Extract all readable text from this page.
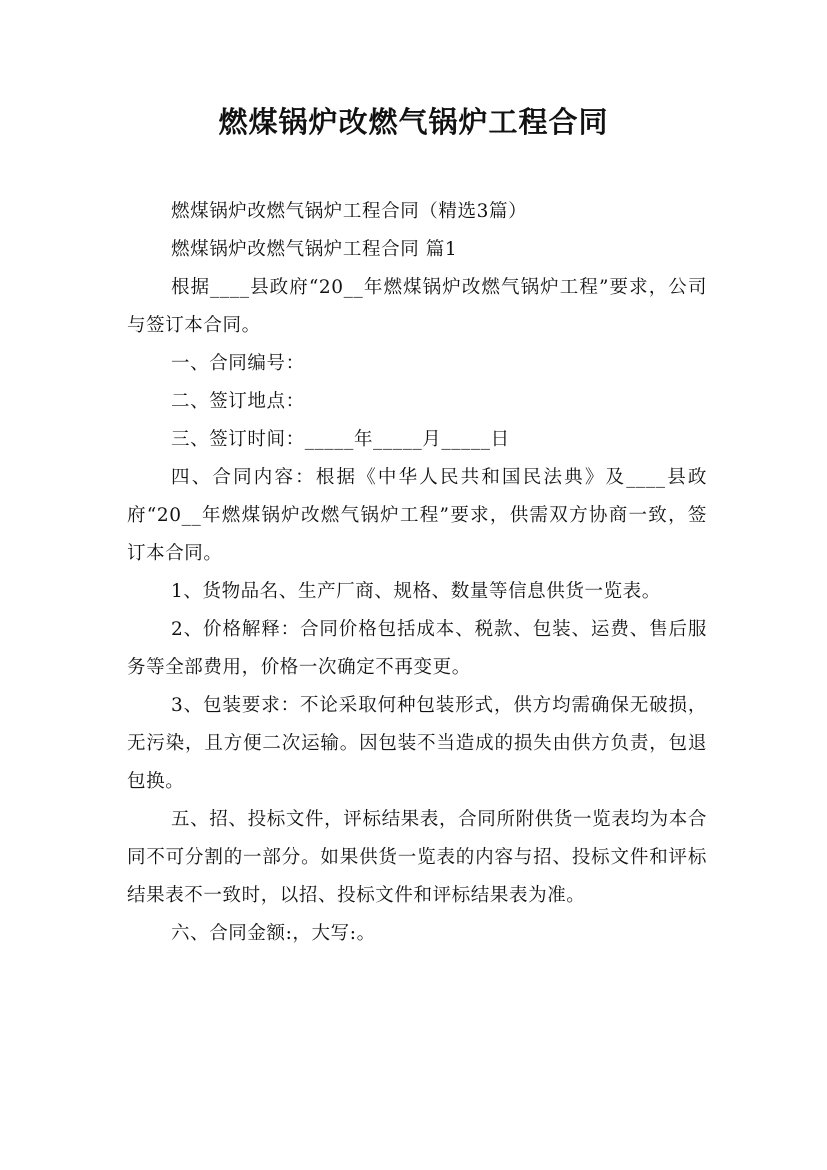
燃煤锅炉改燃气锅炉工程合同

燃煤锅炉改燃气锅炉工程合同（精选3篇）

燃煤锅炉改燃气锅炉工程合同 篇1

根据____县政府“20__年燃煤锅炉改燃气锅炉工程”要求，公司与签订本合同。

一、合同编号：

二、签订地点：

三、签订时间：_____年_____月_____日

四、合同内容：根据《中华人民共和国民法典》及____县政府“20__年燃煤锅炉改燃气锅炉工程”要求，供需双方协商一致，签订本合同。

1、货物品名、生产厂商、规格、数量等信息供货一览表。

2、价格解释：合同价格包括成本、税款、包装、运费、售后服务等全部费用，价格一次确定不再变更。

3、包装要求：不论采取何种包装形式，供方均需确保无破损，无污染，且方便二次运输。因包装不当造成的损失由供方负责，包退包换。

五、招、投标文件，评标结果表，合同所附供货一览表均为本合同不可分割的一部分。如果供货一览表的内容与招、投标文件和评标结果表不一致时，以招、投标文件和评标结果表为准。

六、合同金额:，大写:。
